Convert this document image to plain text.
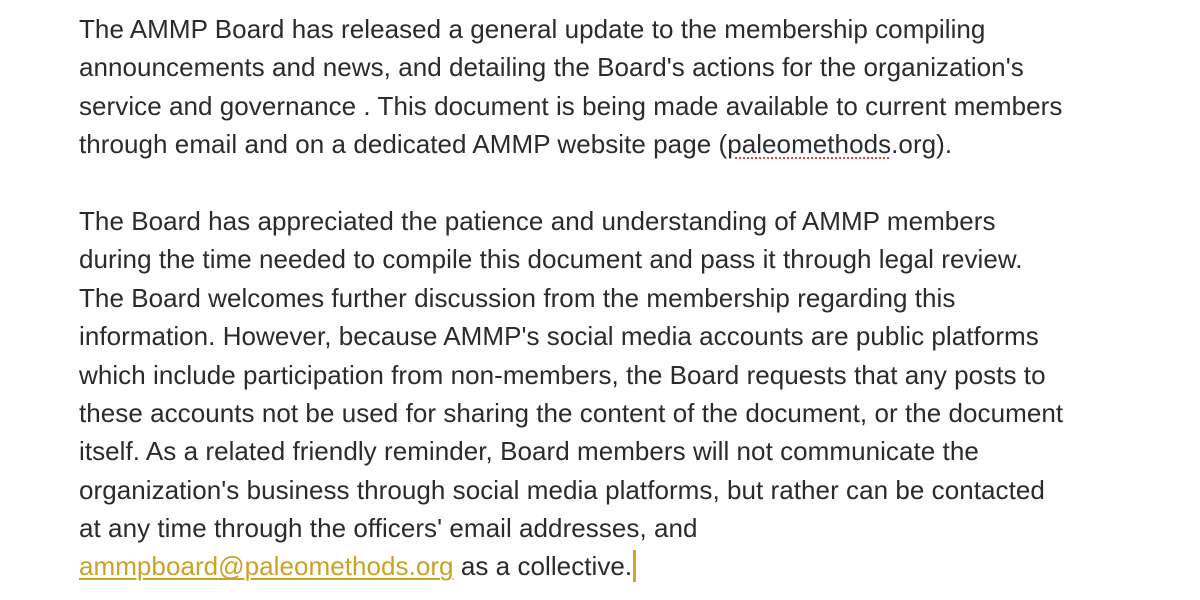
The AMMP Board has released a general update to the membership compiling
announcements and news, and detailing the Board's actions for the organization's
service and governance . This document is being made available to current members
through email and on a dedicated AMMP website page (paleomethods.org).
The Board has appreciated the patience and understanding of AMMP members
during the time needed to compile this document and pass it through legal review.
The Board welcomes further discussion from the membership regarding this
information. However, because AMMP's social media accounts are public platforms
which include participation from non-members, the Board requests that any posts to
these accounts not be used for sharing the content of the document, or the document
itself. As a related friendly reminder, Board members will not communicate the
organization's business through social media platforms, but rather can be contacted
at any time through the officers' email addresses, and
ammpboard@paleomethods.org as a collective.
